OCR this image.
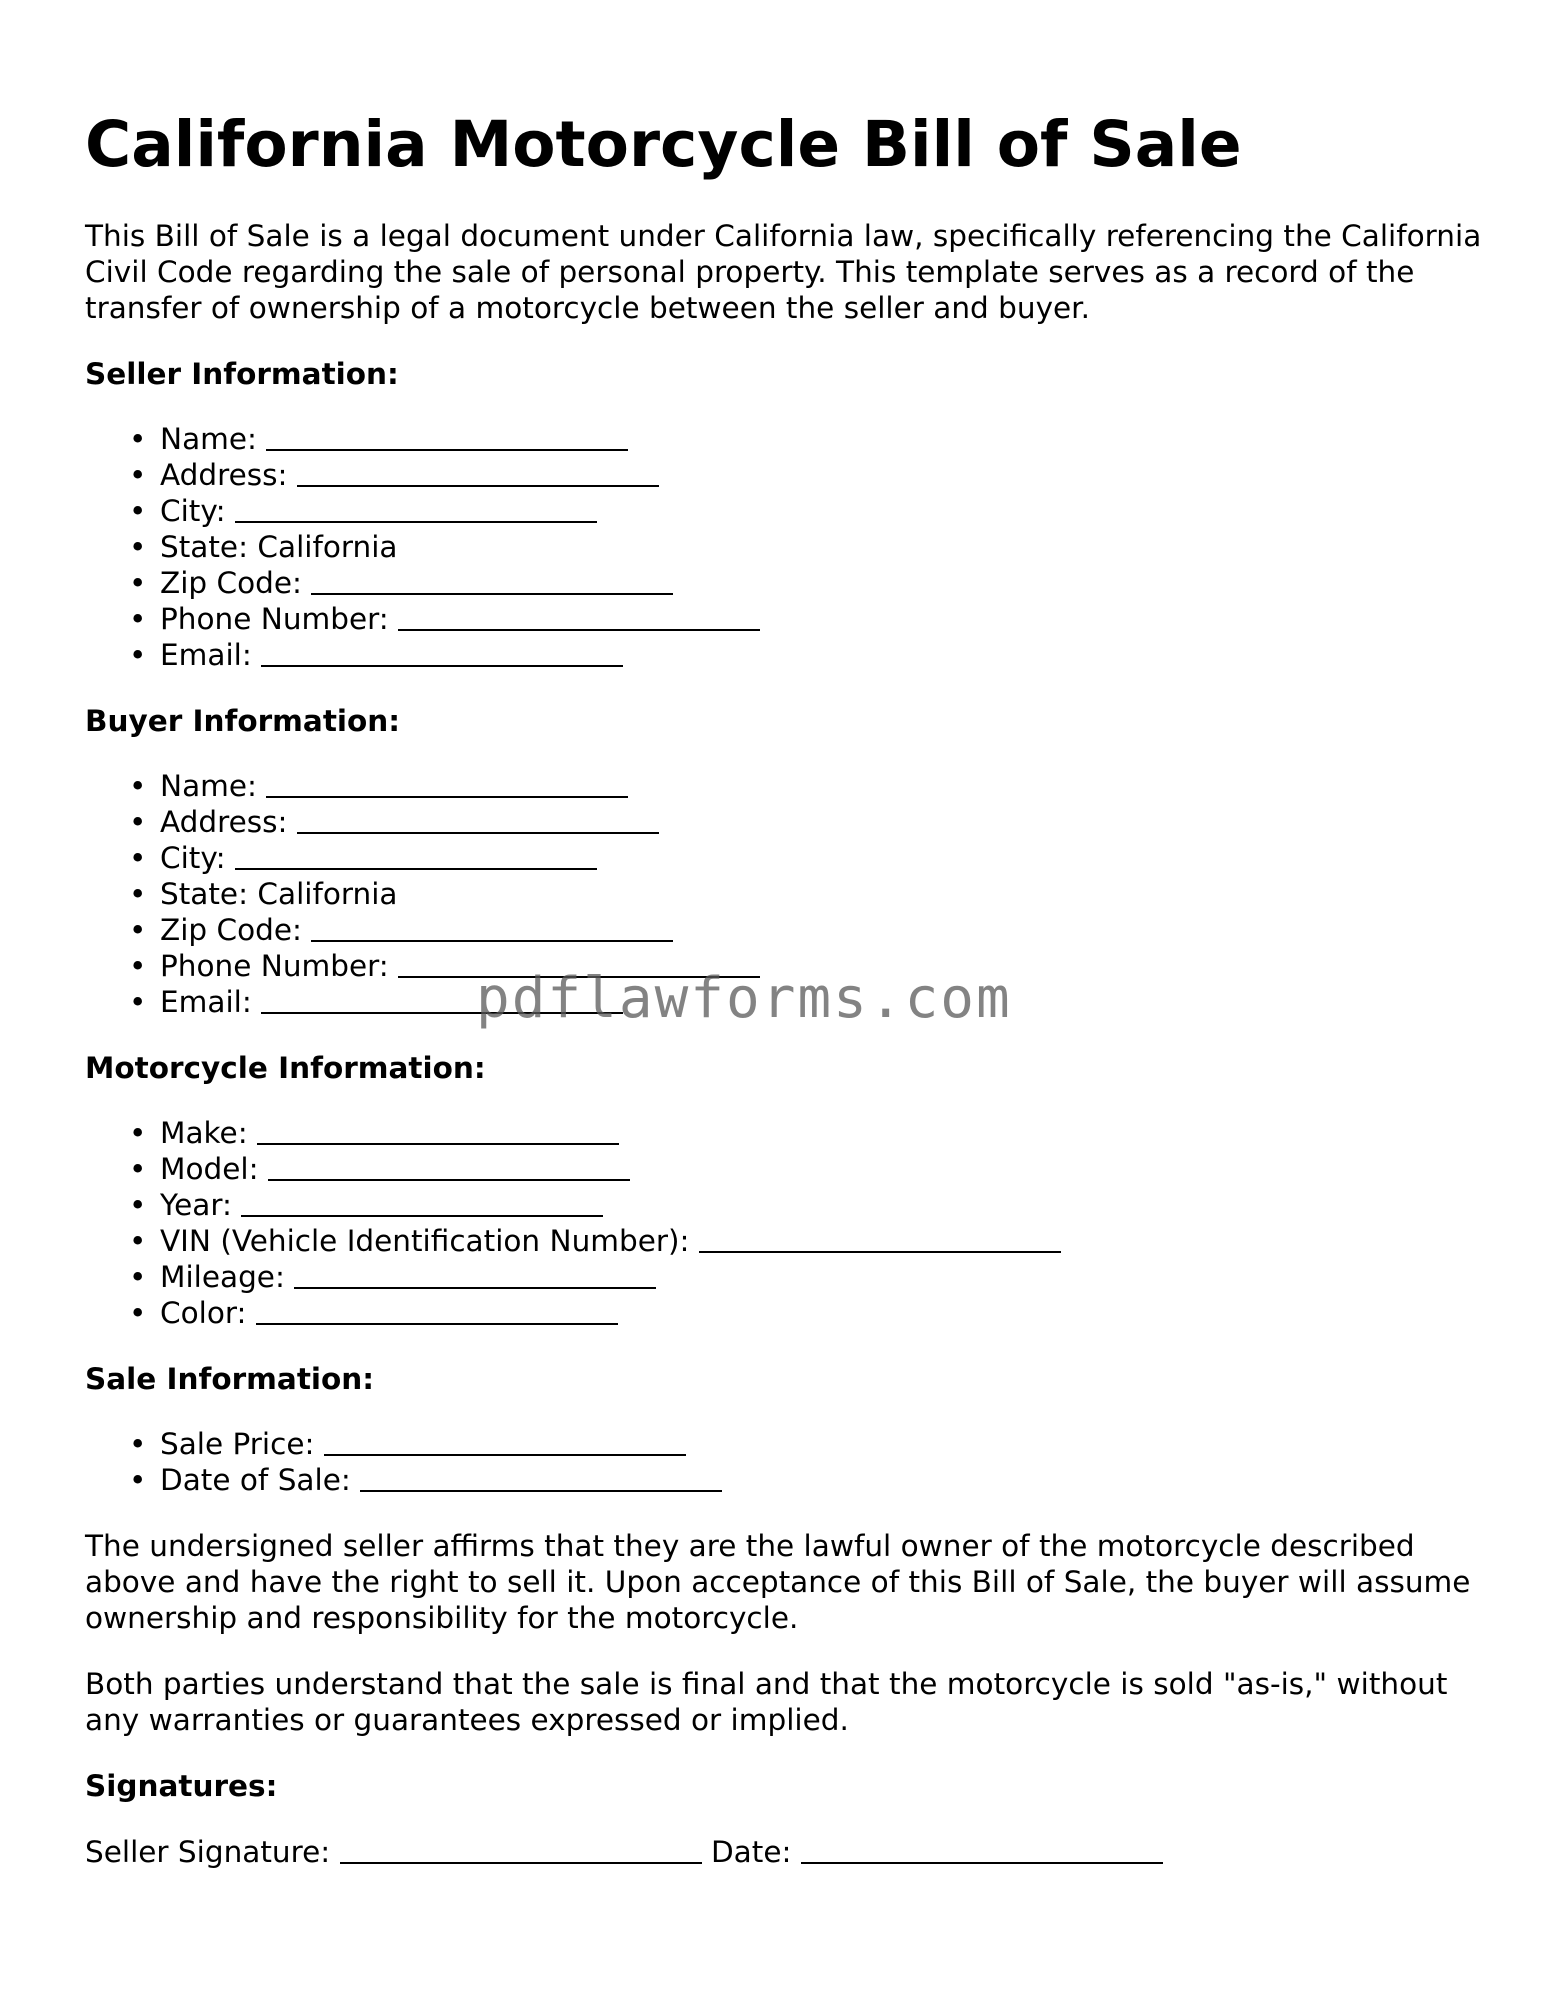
California Motorcycle Bill of Sale

This Bill of Sale is a legal document under California law, specifically referencing the California Civil Code regarding the sale of personal property. This template serves as a record of the transfer of ownership of a motorcycle between the seller and buyer.

Seller Information:
• Name:
• Address:
• City:
• State: California
• Zip Code:
• Phone Number:
• Email:
Buyer Information:
• Name:
• Address:
• City:
• State: California
• Zip Code:
• Phone Number:
• Email:
Motorcycle Information:
• Make:
• Model:
• Year:
• VIN (Vehicle Identification Number):
• Mileage:
• Color:
Sale Information:
• Sale Price:
• Date of Sale:

The undersigned seller affirms that they are the lawful owner of the motorcycle described above and have the right to sell it. Upon acceptance of this Bill of Sale, the buyer will assume ownership and responsibility for the motorcycle.

Both parties understand that the sale is final and that the motorcycle is sold "as-is," without any warranties or guarantees expressed or implied.

Signatures:
Seller Signature:	Date:
pdflawforms.com
